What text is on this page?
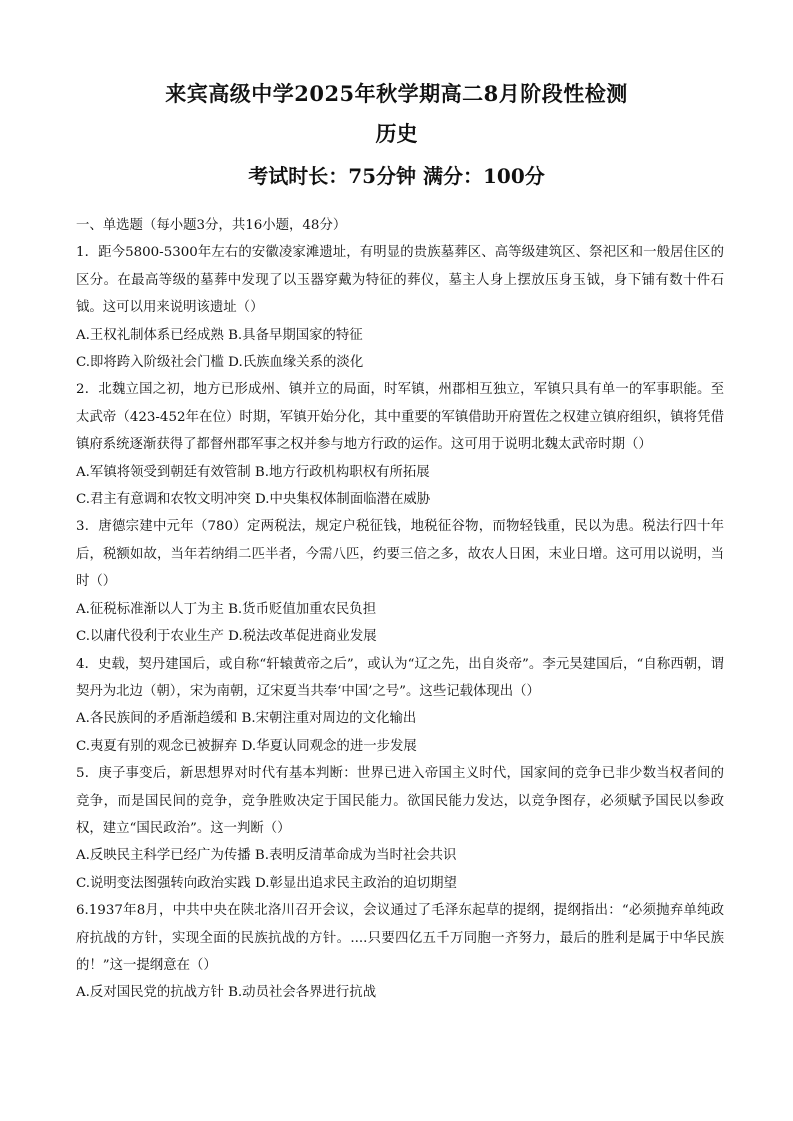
来宾高级中学2025年秋学期高二8月阶段性检测
历史
考试时长：75分钟 满分：100分
一、单选题（每小题3分，共16小题，48分）
1．距今5800-5300年左右的安徽凌家滩遗址，有明显的贵族墓葬区、高等级建筑区、祭祀区和一般居住区的区分。在最高等级的墓葬中发现了以玉器穿戴为特征的葬仪，墓主人身上摆放压身玉钺，身下铺有数十件石钺。这可以用来说明该遗址（）
A.王权礼制体系已经成熟 B.具备早期国家的特征
C.即将跨入阶级社会门槛 D.氏族血缘关系的淡化
2．北魏立国之初，地方已形成州、镇并立的局面，时军镇，州郡相互独立，军镇只具有单一的军事职能。至太武帝（423-452年在位）时期，军镇开始分化，其中重要的军镇借助开府置佐之权建立镇府组织，镇将凭借镇府系统逐渐获得了都督州郡军事之权并参与地方行政的运作。这可用于说明北魏太武帝时期（）
A.军镇将领受到朝廷有效管制 B.地方行政机构职权有所拓展
C.君主有意调和农牧文明冲突 D.中央集权体制面临潜在威胁
3．唐德宗建中元年（780）定两税法，规定户税征钱，地税征谷物，而物轻钱重，民以为患。税法行四十年后，税额如故，当年若纳绢二匹半者，今需八匹，约要三倍之多，故农人日困，末业日增。这可用以说明，当时（）
A.征税标准渐以人丁为主 B.货币贬值加重农民负担
C.以庸代役利于农业生产 D.税法改革促进商业发展
4．史载，契丹建国后，或自称“轩辕黄帝之后”，或认为“辽之先，出自炎帝”。李元昊建国后，“自称西朝，谓契丹为北边（朝），宋为南朝，辽宋夏当共奉‘中国’之号”。这些记载体现出（）
A.各民族间的矛盾渐趋缓和 B.宋朝注重对周边的文化输出
C.夷夏有别的观念已被摒弃 D.华夏认同观念的进一步发展
5．庚子事变后，新思想界对时代有基本判断：世界已进入帝国主义时代，国家间的竞争已非少数当权者间的竞争，而是国民间的竞争，竞争胜败决定于国民能力。欲国民能力发达，以竞争图存，必须赋予国民以参政权，建立“国民政治”。这一判断（）
A.反映民主科学已经广为传播 B.表明反清革命成为当时社会共识
C.说明变法图强转向政治实践 D.彰显出追求民主政治的迫切期望
6.1937年8月，中共中央在陕北洛川召开会议，会议通过了毛泽东起草的提纲，提纲指出：“必须抛弃单纯政府抗战的方针，实现全面的民族抗战的方针。....只要四亿五千万同胞一齐努力，最后的胜利是属于中华民族的！”这一提纲意在（）
A.反对国民党的抗战方针 B.动员社会各界进行抗战
